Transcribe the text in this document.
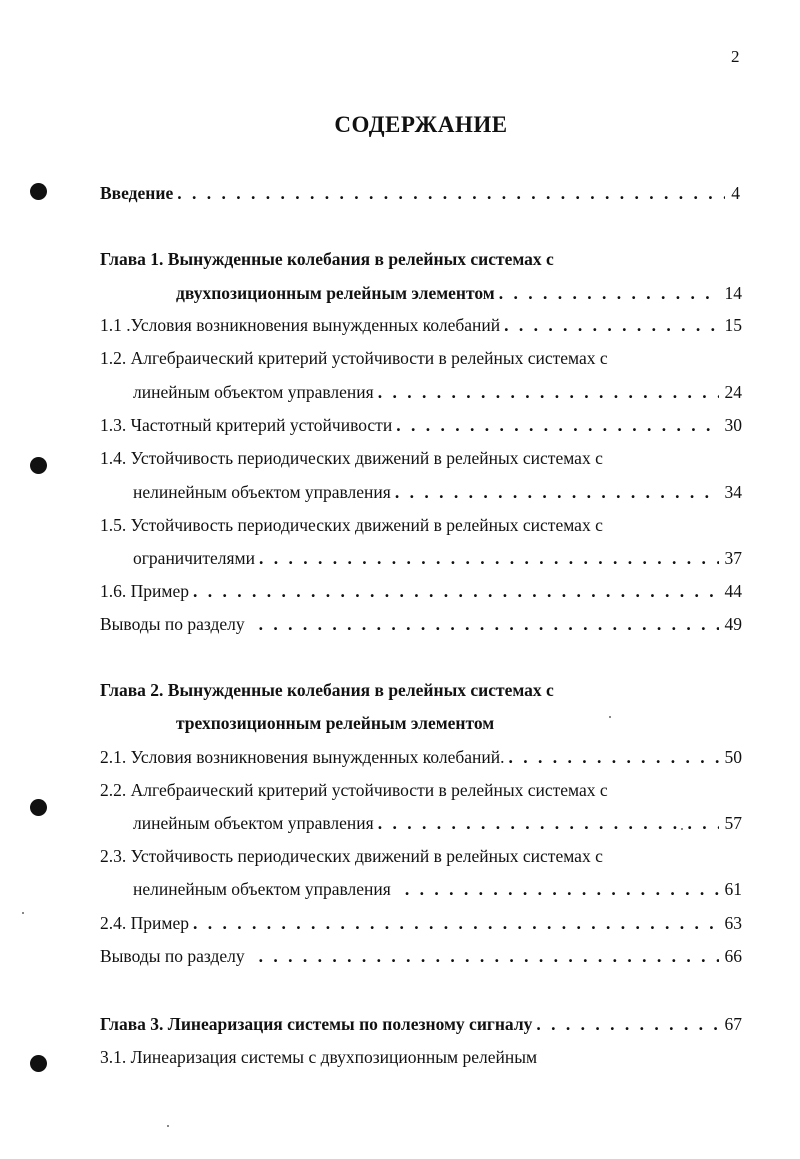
2
СОДЕРЖАНИЕ
Введение . . .	4
Глава 1. Вынужденные колебания в релейных системах с
двухпозиционным релейным элементом . . .	14
1.1 .Условия возникновения вынужденных колебаний . . .	15
1.2. Алгебраический критерий устойчивости в релейных системах с
линейным объектом управления . . .	24
1.3. Частотный критерий устойчивости . . .	30
1.4. Устойчивость периодических движений в релейных системах с
нелинейным объектом управления . . .	34
1.5. Устойчивость периодических движений в релейных системах с
ограничителями . . .	37
1.6. Пример . . .	44
Выводы по разделу . . .	49
Глава 2. Вынужденные колебания в релейных системах с
трехпозиционным релейным элементом
2.1. Условия возникновения вынужденных колебаний. . . .	50
2.2. Алгебраический критерий устойчивости в релейных системах с
линейным объектом управления . . .	57
2.3. Устойчивость периодических движений в релейных системах с
нелинейным объектом управления . . .	61
2.4. Пример . . .	63
Выводы по разделу . . .	66
Глава 3. Линеаризация системы по полезному сигналу . . .	67
3.1. Линеаризация системы с двухпозиционным релейным
